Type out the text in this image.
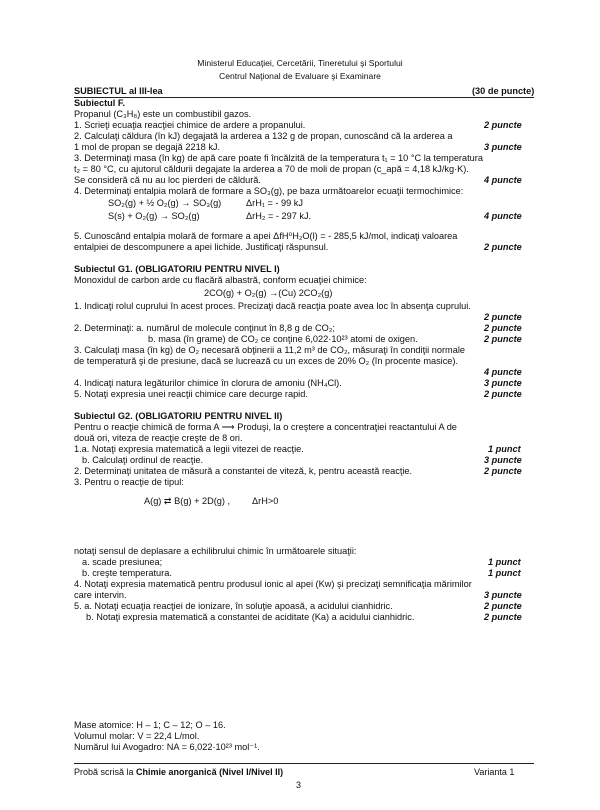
Ministerul Educaţiei, Cercetării, Tineretului şi Sportului
Centrul Naţional de Evaluare şi Examinare
SUBIECTUL al III-lea	(30 de puncte)
Subiectul F.
Propanul (C₃H₈) este un combustibil gazos.
1. Scrieţi ecuaţia reacţiei chimice de ardere a propanului.	2 puncte
2. Calculaţi căldura (în kJ) degajată la arderea a 132 g de propan, cunoscând că la arderea a
1 mol de propan se degajă 2218 kJ.	3 puncte
3. Determinaţi masa (în kg) de apă care poate fi încălzită de la temperatura t₁ = 10 °C la temperatura
t₂ = 80 °C, cu ajutorul căldurii degajate la arderea a 70 de moli de propan (c_apă = 4,18 kJ/kg·K).
Se consideră că nu au loc pierderi de căldură.	4 puncte
4. Determinaţi entalpia molară de formare a SO₃(g), pe baza următoarelor ecuaţii termochimice:
SO₂(g) + ½ O₂(g) → SO₃(g)	ΔrH₁ = - 99 kJ
S(s) + O₂(g) → SO₂(g)	ΔrH₂ = - 297 kJ.	4 puncte
5. Cunoscând entalpia molară de formare a apei ΔfH⁰H₂O(l) = - 285,5 kJ/mol, indicaţi valoarea
entalpiei de descompunere a apei lichide. Justificaţi răspunsul.	2 puncte
Subiectul G1. (OBLIGATORIU PENTRU NIVEL I)
Monoxidul de carbon arde cu flacără albastră, conform ecuaţiei chimice:
2CO(g) + O₂(g) →(Cu) 2CO₂(g)
1. Indicaţi rolul cuprului în acest proces. Precizaţi dacă reacţia poate avea loc în absenţa cuprului.
2 puncte
2. Determinaţi: a. numărul de molecule conţinut în 8,8 g de CO₂;	2 puncte
b. masa (în grame) de CO₂ ce conţine 6,022·10²³ atomi de oxigen.	2 puncte
3. Calculaţi masa (în kg) de O₂ necesară obţinerii a 11,2 m³ de CO₂, măsuraţi în condiţii normale
de temperatură şi de presiune, dacă se lucrează cu un exces de 20% O₂ (în procente masice).
4 puncte
4. Indicaţi natura legăturilor chimice în clorura de amoniu (NH₄Cl).	3 puncte
5. Notaţi expresia unei reacţii chimice care decurge rapid.	2 puncte
Subiectul G2. (OBLIGATORIU PENTRU NIVEL II)
Pentru o reacţie chimică de forma A ⟶ Produşi, la o creştere a concentraţiei reactantului A de
două ori, viteza de reacţie creşte de 8 ori.
1.a. Notaţi expresia matematică a legii vitezei de reacţie.	1 punct
b. Calculaţi ordinul de reacţie.	3 puncte
2. Determinaţi unitatea de măsură a constantei de viteză, k, pentru această reacţie.	2 puncte
3. Pentru o reacţie de tipul:
A(g) ⇄ B(g) + 2D(g) , ΔrH>0
notaţi sensul de deplasare a echilibrului chimic în următoarele situaţii:
a. scade presiunea;	1 punct
b. creşte temperatura.	1 punct
4. Notaţi expresia matematică pentru produsul ionic al apei (Kw) şi precizaţi semnificaţia mărimilor
care intervin.	3 puncte
5. a. Notaţi ecuaţia reacţiei de ionizare, în soluţie apoasă, a acidului cianhidric.	2 puncte
b. Notaţi expresia matematică a constantei de aciditate (Ka) a acidului cianhidric.	2 puncte
Mase atomice: H – 1; C – 12; O – 16.
Volumul molar: V = 22,4 L/mol.
Numărul lui Avogadro: NA = 6,022·10²³ mol⁻¹.
Probă scrisă la Chimie anorganică (Nivel I/Nivel II)	Varianta 1
3
